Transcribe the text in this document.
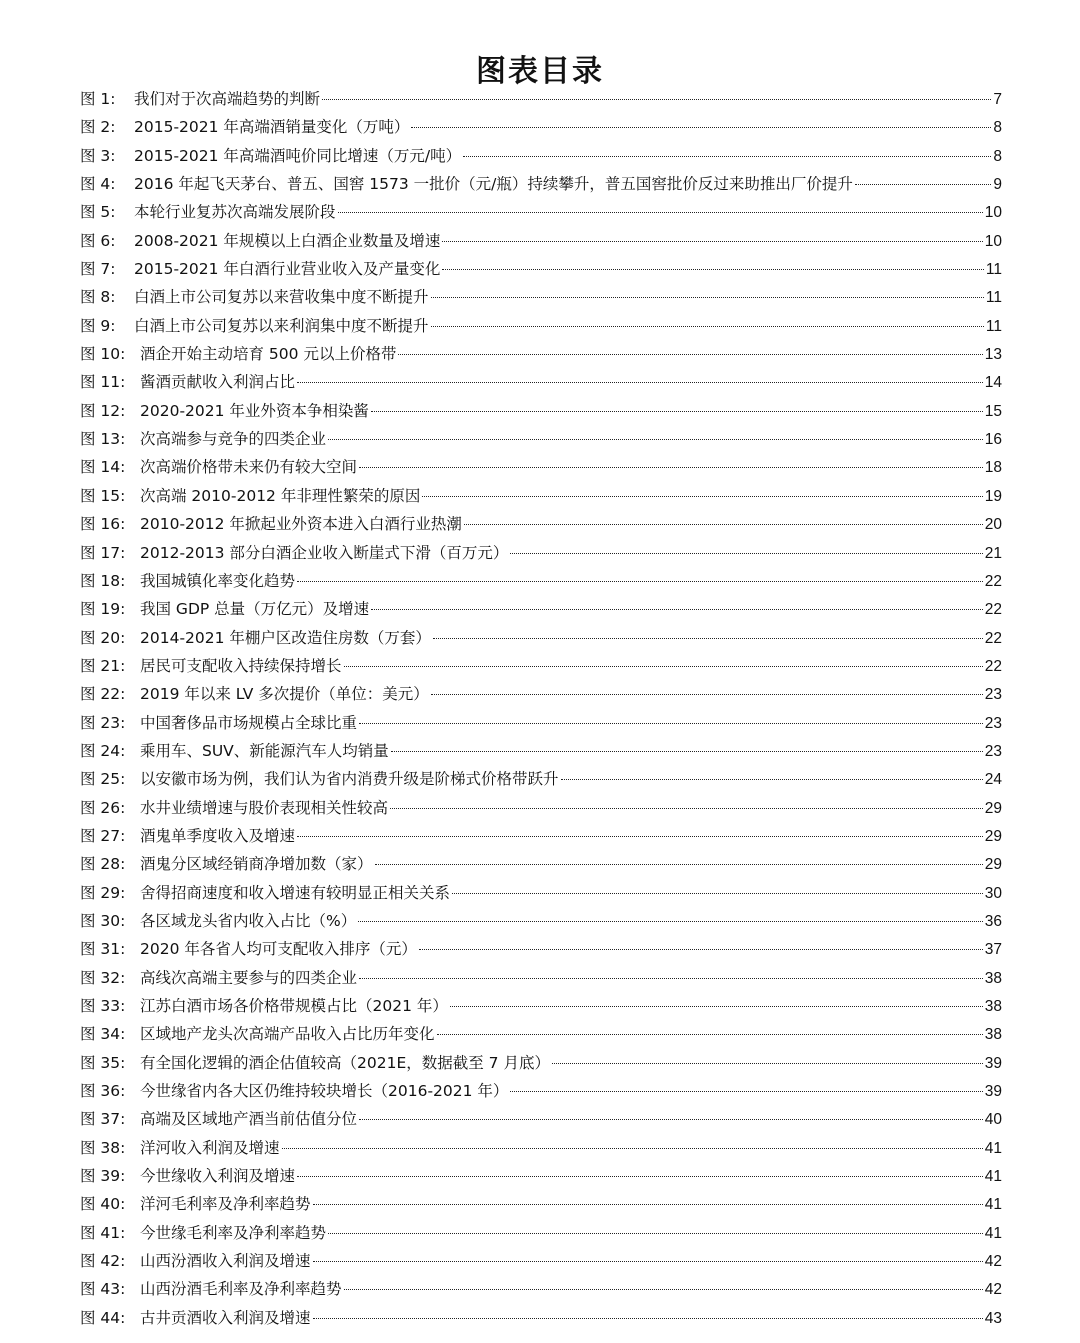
图表目录
图 1:	我们对于次高端趋势的判断	7
图 2:	2015-2021 年高端酒销量变化（万吨）	8
图 3:	2015-2021 年高端酒吨价同比增速（万元/吨）	8
图 4:	2016 年起飞天茅台、普五、国窖 1573 一批价（元/瓶）持续攀升，普五国窖批价反过来助推出厂价提升	9
图 5:	本轮行业复苏次高端发展阶段	10
图 6:	2008-2021 年规模以上白酒企业数量及增速	10
图 7:	2015-2021 年白酒行业营业收入及产量变化	11
图 8:	白酒上市公司复苏以来营收集中度不断提升	11
图 9:	白酒上市公司复苏以来利润集中度不断提升	11
图 10: 酒企开始主动培育 500 元以上价格带	13
图 11: 酱酒贡献收入利润占比	14
图 12: 2020-2021 年业外资本争相染酱	15
图 13: 次高端参与竞争的四类企业	16
图 14: 次高端价格带未来仍有较大空间	18
图 15: 次高端 2010-2012 年非理性繁荣的原因	19
图 16: 2010-2012 年掀起业外资本进入白酒行业热潮	20
图 17: 2012-2013 部分白酒企业收入断崖式下滑（百万元）	21
图 18: 我国城镇化率变化趋势	22
图 19: 我国 GDP 总量（万亿元）及增速	22
图 20: 2014-2021 年棚户区改造住房数（万套）	22
图 21: 居民可支配收入持续保持增长	22
图 22: 2019 年以来 LV 多次提价（单位：美元）	23
图 23: 中国奢侈品市场规模占全球比重	23
图 24: 乘用车、SUV、新能源汽车人均销量	23
图 25: 以安徽市场为例，我们认为省内消费升级是阶梯式价格带跃升	24
图 26: 水井业绩增速与股价表现相关性较高	29
图 27: 酒鬼单季度收入及增速	29
图 28: 酒鬼分区域经销商净增加数（家）	29
图 29: 舍得招商速度和收入增速有较明显正相关关系	30
图 30: 各区域龙头省内收入占比（%）	36
图 31: 2020 年各省人均可支配收入排序（元）	37
图 32: 高线次高端主要参与的四类企业	38
图 33: 江苏白酒市场各价格带规模占比（2021 年）	38
图 34: 区域地产龙头次高端产品收入占比历年变化	38
图 35: 有全国化逻辑的酒企估值较高（2021E，数据截至 7 月底）	39
图 36: 今世缘省内各大区仍维持较块增长（2016-2021 年）	39
图 37: 高端及区域地产酒当前估值分位	40
图 38: 洋河收入利润及增速	41
图 39: 今世缘收入利润及增速	41
图 40: 洋河毛利率及净利率趋势	41
图 41: 今世缘毛利率及净利率趋势	41
图 42: 山西汾酒收入利润及增速	42
图 43: 山西汾酒毛利率及净利率趋势	42
图 44: 古井贡酒收入利润及增速	43
